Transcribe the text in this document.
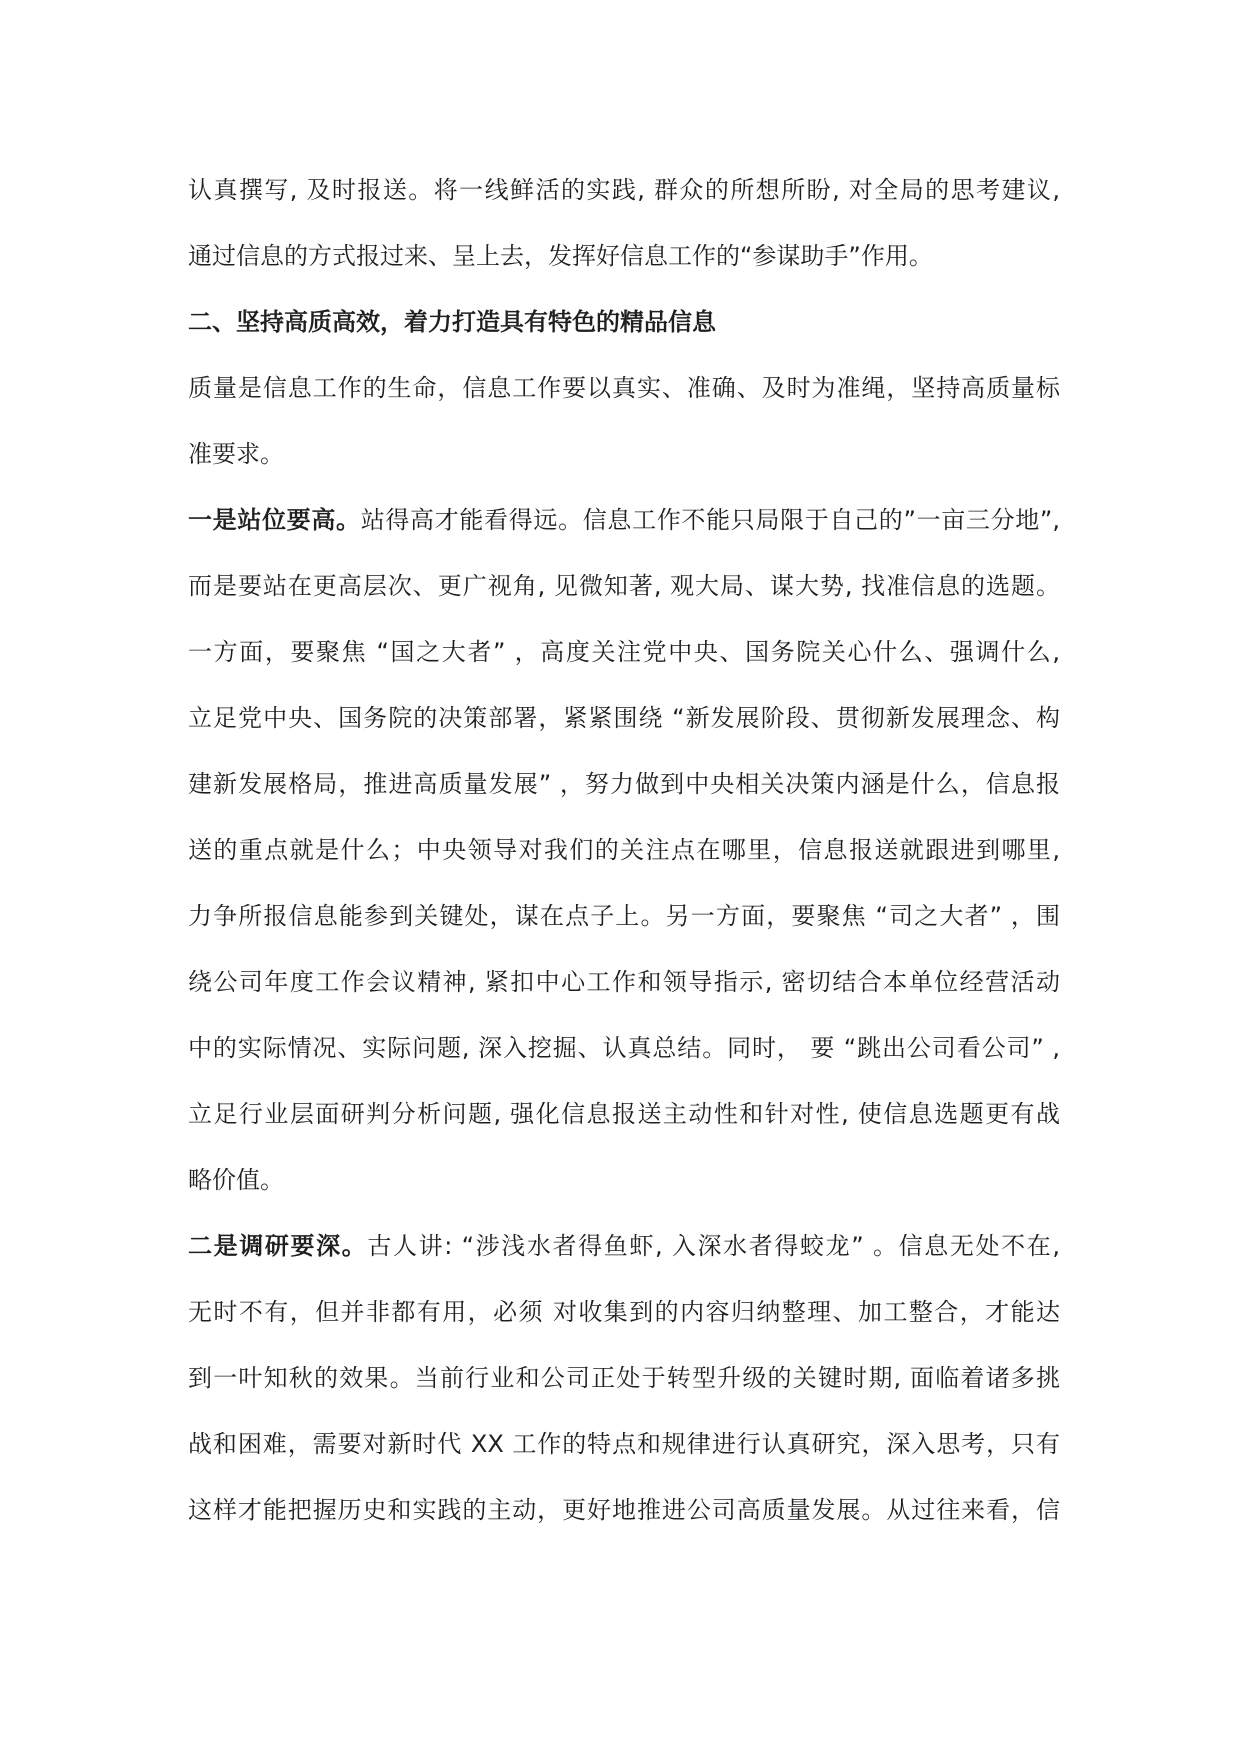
认真撰写, 及时报送。将一线鲜活的实践, 群众的所想所盼, 对全局的思考建议,
通过信息的方式报过来、呈上去，发挥好信息工作的“参谋助手”作用。
二、坚持高质高效，着力打造具有特色的精品信息
质量是信息工作的生命，信息工作要以真实、准确、及时为准绳，坚持高质量标
准要求。
一是站位要高。站得高才能看得远。信息工作不能只局限于自己的”一亩三分地”,
而是要站在更高层次、更广视角, 见微知著, 观大局、谋大势, 找准信息的选题。
一方面，要聚焦 “国之大者” ，高度关注党中央、国务院关心什么、强调什么,
立足党中央、国务院的决策部署，紧紧围绕 “新发展阶段、贯彻新发展理念、构
建新发展格局，推进高质量发展” ，努力做到中央相关决策内涵是什么，信息报
送的重点就是什么；中央领导对我们的关注点在哪里，信息报送就跟进到哪里,
力争所报信息能参到关键处，谋在点子上。另一方面，要聚焦 “司之大者” ，围
绕公司年度工作会议精神, 紧扣中心工作和领导指示, 密切结合本单位经营活动
中的实际情况、实际问题, 深入挖掘、认真总结。同时， 要 “跳出公司看公司” ,
立足行业层面研判分析问题, 强化信息报送主动性和针对性, 使信息选题更有战
略价值。
二是调研要深。古人讲: “涉浅水者得鱼虾, 入深水者得蛟龙” 。信息无处不在,
无时不有，但并非都有用，必须 对收集到的内容归纳整理、加工整合，才能达
到一叶知秋的效果。当前行业和公司正处于转型升级的关键时期, 面临着诸多挑
战和困难，需要对新时代 XX 工作的特点和规律进行认真研究，深入思考，只有
这样才能把握历史和实践的主动，更好地推进公司高质量发展。从过往来看，信
